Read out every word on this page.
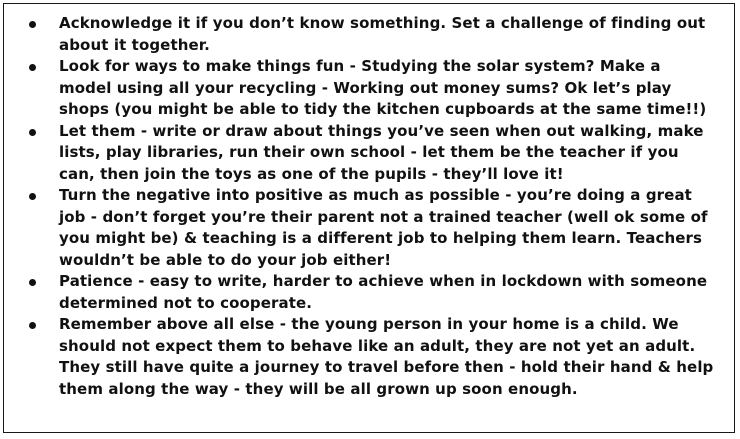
Acknowledge it if you don’t know something. Set a challenge of finding out about it together.
Look for ways to make things fun - Studying the solar system? Make a model using all your recycling - Working out money sums? Ok let’s play shops (you might be able to tidy the kitchen cupboards at the same time!!)
Let them - write or draw about things you’ve seen when out walking, make lists, play libraries, run their own school - let them be the teacher if you can, then join the toys as one of the pupils - they’ll love it!
Turn the negative into positive as much as possible - you’re doing a great job - don’t forget you’re their parent not a trained teacher (well ok some of you might be) & teaching is a different job to helping them learn. Teachers wouldn’t be able to do your job either!
Patience - easy to write, harder to achieve when in lockdown with someone determined not to cooperate.
Remember above all else - the young person in your home is a child. We should not expect them to behave like an adult, they are not yet an adult. They still have quite a journey to travel before then - hold their hand & help them along the way - they will be all grown up soon enough.
